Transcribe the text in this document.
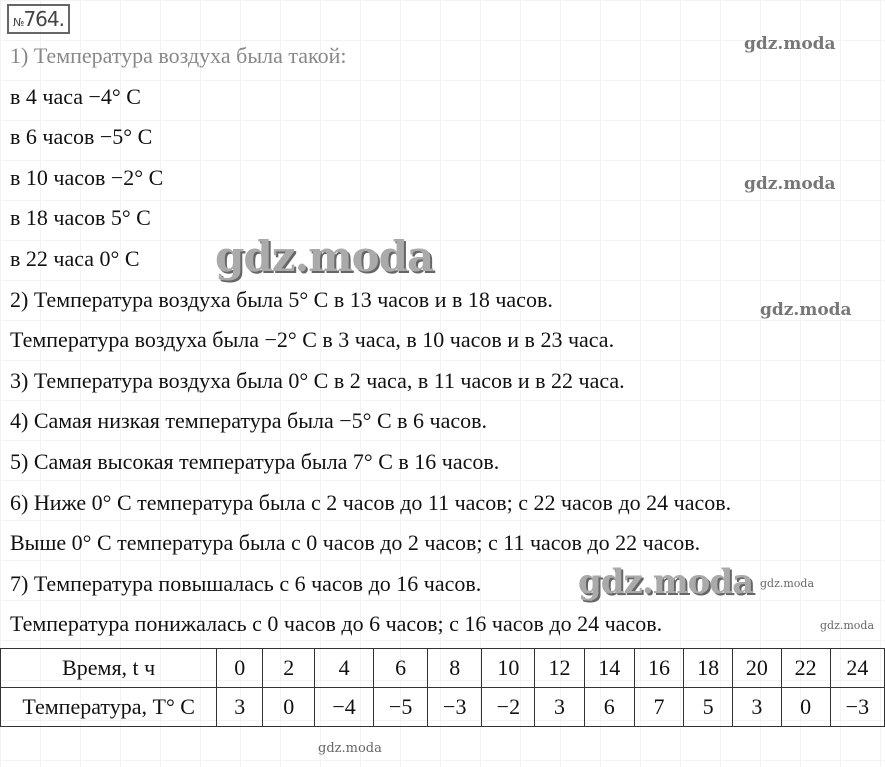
№764.
1) Температура воздуха была такой:
в 4 часа −4° C
в 6 часов −5° C
в 10 часов −2° C
в 18 часов 5° C
в 22 часа 0° C
2) Температура воздуха была 5° C в 13 часов и в 18 часов.
Температура воздуха была −2° C в 3 часа, в 10 часов и в 23 часа.
3) Температура воздуха была 0° C в 2 часа, в 11 часов и в 22 часа.
4) Самая низкая температура была −5° C в 6 часов.
5) Самая высокая температура была 7° C в 16 часов.
6) Ниже 0° C температура была с 2 часов до 11 часов; с 22 часов до 24 часов.
Выше 0° C температура была с 0 часов до 2 часов; с 11 часов до 22 часов.
7) Температура повышалась с 6 часов до 16 часов.
Температура понижалась с 0 часов до 6 часов; с 16 часов до 24 часов.
gdz.moda
gdz.moda
gdz.moda
gdz.moda
gdz.moda gdz.moda
gdz.moda
Время, t ч	0	2	4	6	8	10	12	14	16	18	20	22	24
Температура, T° C	3	0	−4	−5	−3	−2	3	6	7	5	3	0	−3
gdz.moda
